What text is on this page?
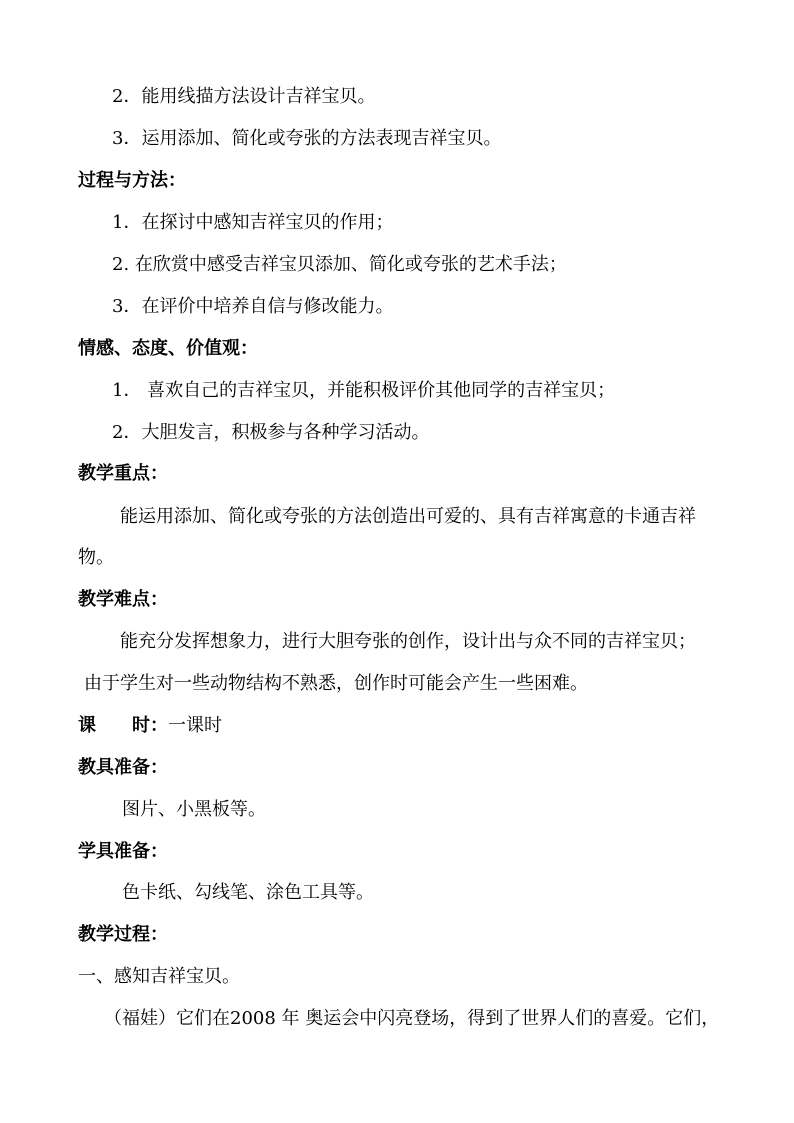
2．能用线描方法设计吉祥宝贝。
3．运用添加、简化或夸张的方法表现吉祥宝贝。
过程与方法：
1．在探讨中感知吉祥宝贝的作用；
2. 在欣赏中感受吉祥宝贝添加、简化或夸张的艺术手法；
3．在评价中培养自信与修改能力。
情感、态度、价值观：
1． 喜欢自己的吉祥宝贝，并能积极评价其他同学的吉祥宝贝；
2．大胆发言，积极参与各种学习活动。
教学重点：
能运用添加、简化或夸张的方法创造出可爱的、具有吉祥寓意的卡通吉祥
物。
教学难点：
能充分发挥想象力，进行大胆夸张的创作，设计出与众不同的吉祥宝贝；
由于学生对一些动物结构不熟悉，创作时可能会产生一些困难。
课 时：一课时
教具准备：
图片、小黑板等。
学具准备：
色卡纸、勾线笔、涂色工具等。
教学过程：
一、感知吉祥宝贝。
（福娃）它们在2008 年 奥运会中闪亮登场，得到了世界人们的喜爱。它们，
